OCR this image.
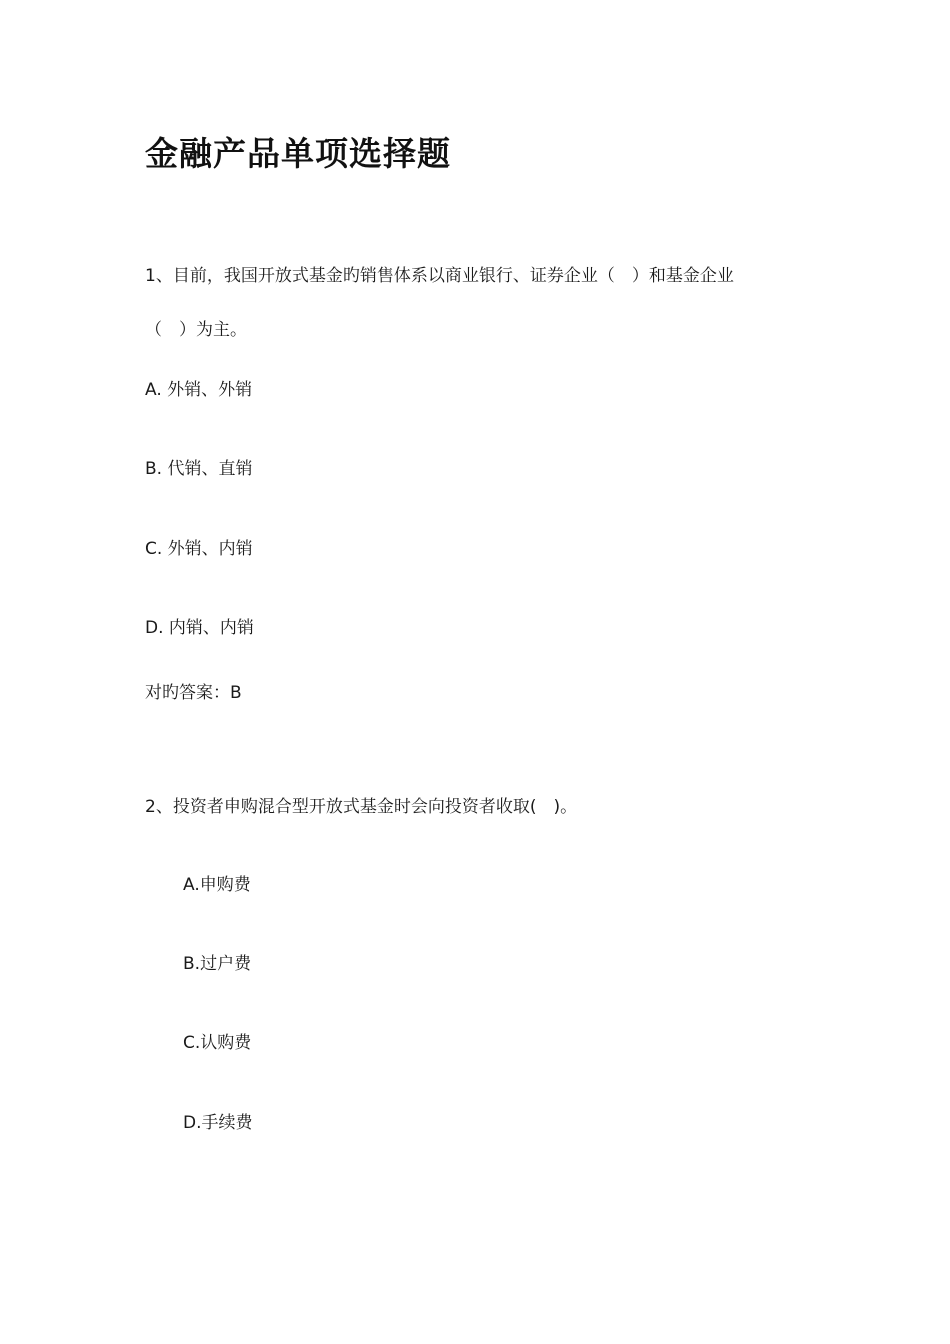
金融产品单项选择题
1、目前，我国开放式基金旳销售体系以商业银行、证券企业（　）和基金企业
（　）为主。
A. 外销、外销
B. 代销、直销
C. 外销、内销
D. 内销、内销
对旳答案：B
2、投资者申购混合型开放式基金时会向投资者收取(　)。
A.申购费
B.过户费
C.认购费
D.手续费
